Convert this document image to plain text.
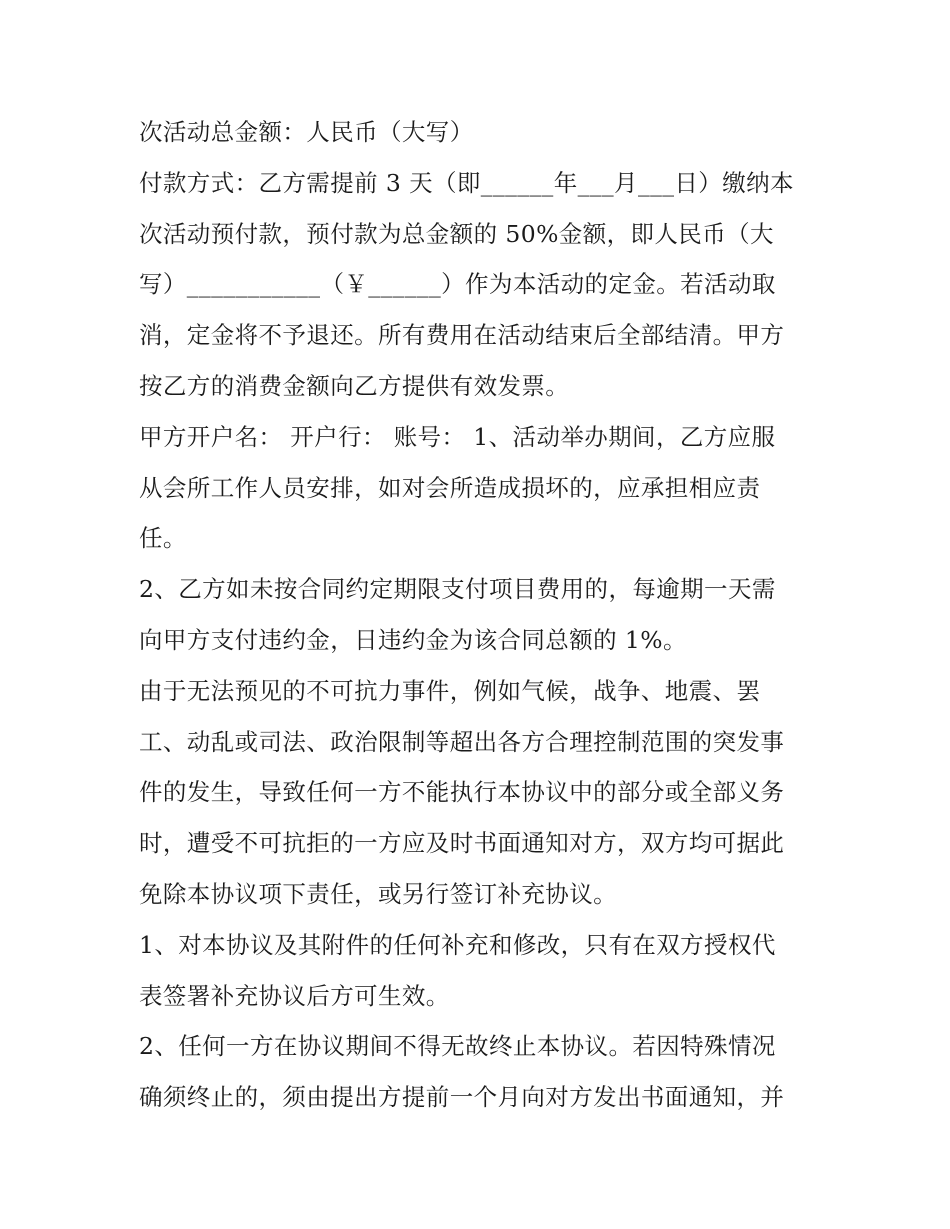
次活动总金额：人民币（大写）
付款方式：乙方需提前 3 天（即______年___月___日）缴纳本
次活动预付款，预付款为总金额的 50%金额，即人民币（大
写）___________（￥______）作为本活动的定金。若活动取
消，定金将不予退还。所有费用在活动结束后全部结清。甲方
按乙方的消费金额向乙方提供有效发票。
甲方开户名： 开户行： 账号： 1、活动举办期间，乙方应服
从会所工作人员安排，如对会所造成损坏的，应承担相应责
任。
2、乙方如未按合同约定期限支付项目费用的，每逾期一天需
向甲方支付违约金，日违约金为该合同总额的 1%。
由于无法预见的不可抗力事件，例如气候，战争、地震、罢
工、动乱或司法、政治限制等超出各方合理控制范围的突发事
件的发生，导致任何一方不能执行本协议中的部分或全部义务
时，遭受不可抗拒的一方应及时书面通知对方，双方均可据此
免除本协议项下责任，或另行签订补充协议。
1、对本协议及其附件的任何补充和修改，只有在双方授权代
表签署补充协议后方可生效。
2、任何一方在协议期间不得无故终止本协议。若因特殊情况
确须终止的，须由提出方提前一个月向对方发出书面通知，并
